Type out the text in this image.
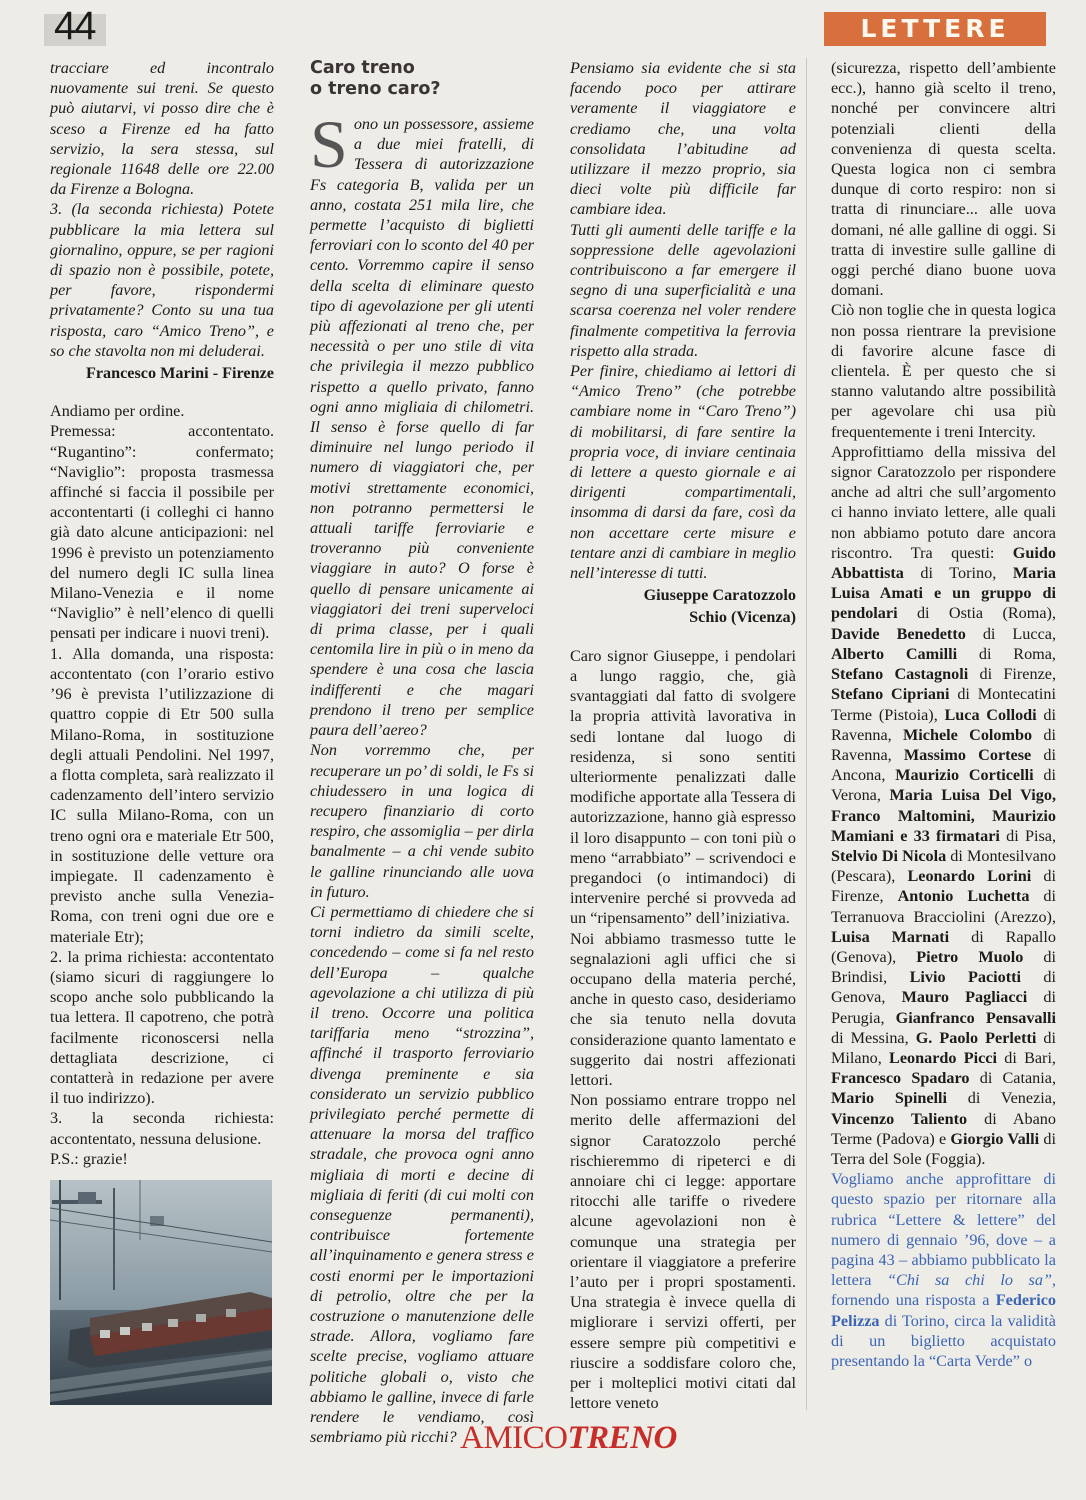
44	LETTERE

tracciare ed incontralo nuovamente sui treni. Se questo può aiutarvi, vi posso dire che è sceso a Firenze ed ha fatto servizio, la sera stessa, sul regionale 11648 delle ore 22.00 da Firenze a Bologna.

3. (la seconda richiesta) Potete pubblicare la mia lettera sul giornalino, oppure, se per ragioni di spazio non è possibile, potete, per favore, rispondermi privatamente? Conto su una tua risposta, caro “Amico Treno”, e so che stavolta non mi deluderai.

Francesco Marini - Firenze

Andiamo per ordine.

Premessa: accontentato. “Rugantino”: confermato; “Naviglio”: proposta trasmessa affinché si faccia il possibile per accontentarti (i colleghi ci hanno già dato alcune anticipazioni: nel 1996 è previsto un potenziamento del numero degli IC sulla linea Milano-Venezia e il nome “Naviglio” è nell’elenco di quelli pensati per indicare i nuovi treni).

1. Alla domanda, una risposta: accontentato (con l’orario estivo ’96 è prevista l’utilizzazione di quattro coppie di Etr 500 sulla Milano-Roma, in sostituzione degli attuali Pendolini. Nel 1997, a flotta completa, sarà realizzato il cadenzamento dell’intero servizio IC sulla Milano-Roma, con un treno ogni ora e materiale Etr 500, in sostituzione delle vetture ora impiegate. Il cadenzamento è previsto anche sulla Venezia-Roma, con treni ogni due ore e materiale Etr);

2. la prima richiesta: accontentato (siamo sicuri di raggiungere lo scopo anche solo pubblicando la tua lettera. Il capotreno, che potrà facilmente riconoscersi nella dettagliata descrizione, ci contatterà in redazione per avere il tuo indirizzo).

3. la seconda richiesta: accontentato, nessuna delusione.

P.S.: grazie!

Caro treno
o treno caro?

Sono un possessore, assieme a due miei fratelli, di Tessera di autorizzazione Fs categoria B, valida per un anno, costata 251 mila lire, che permette l’acquisto di biglietti ferroviari con lo sconto del 40 per cento. Vorremmo capire il senso della scelta di eliminare questo tipo di agevolazione per gli utenti più affezionati al treno che, per necessità o per uno stile di vita che privilegia il mezzo pubblico rispetto a quello privato, fanno ogni anno migliaia di chilometri. Il senso è forse quello di far diminuire nel lungo periodo il numero di viaggiatori che, per motivi strettamente economici, non potranno permettersi le attuali tariffe ferroviarie e troveranno più conveniente viaggiare in auto? O forse è quello di pensare unicamente ai viaggiatori dei treni superveloci di prima classe, per i quali centomila lire in più o in meno da spendere è una cosa che lascia indifferenti e che magari prendono il treno per semplice paura dell’aereo?

Non vorremmo che, per recuperare un po’ di soldi, le Fs si chiudessero in una logica di recupero finanziario di corto respiro, che assomiglia – per dirla banalmente – a chi vende subito le galline rinunciando alle uova in futuro.

Ci permettiamo di chiedere che si torni indietro da simili scelte, concedendo – come si fa nel resto dell’Europa – qualche agevolazione a chi utilizza di più il treno. Occorre una politica tariffaria meno “strozzina”, affinché il trasporto ferroviario divenga preminente e sia considerato un servizio pubblico privilegiato perché permette di attenuare la morsa del traffico stradale, che provoca ogni anno migliaia di morti e decine di migliaia di feriti (di cui molti con conseguenze permanenti), contribuisce fortemente all’inquinamento e genera stress e costi enormi per le importazioni di petrolio, oltre che per la costruzione o manutenzione delle strade. Allora, vogliamo fare scelte precise, vogliamo attuare politiche globali o, visto che abbiamo le galline, invece di farle rendere le vendiamo, così sembriamo più ricchi?

Pensiamo sia evidente che si sta facendo poco per attirare veramente il viaggiatore e crediamo che, una volta consolidata l’abitudine ad utilizzare il mezzo proprio, sia dieci volte più difficile far cambiare idea.

Tutti gli aumenti delle tariffe e la soppressione delle agevolazioni contribuiscono a far emergere il segno di una superficialità e una scarsa coerenza nel voler rendere finalmente competitiva la ferrovia rispetto alla strada.

Per finire, chiediamo ai lettori di “Amico Treno” (che potrebbe cambiare nome in “Caro Treno”) di mobilitarsi, di fare sentire la propria voce, di inviare centinaia di lettere a questo giornale e ai dirigenti compartimentali, insomma di darsi da fare, così da non accettare certe misure e tentare anzi di cambiare in meglio nell’interesse di tutti.

Giuseppe Caratozzolo

Schio (Vicenza)

Caro signor Giuseppe, i pendolari a lungo raggio, che, già svantaggiati dal fatto di svolgere la propria attività lavorativa in sedi lontane dal luogo di residenza, si sono sentiti ulteriormente penalizzati dalle modifiche apportate alla Tessera di autorizzazione, hanno già espresso il loro disappunto – con toni più o meno “arrabbiato” – scrivendoci e pregandoci (o intimandoci) di intervenire perché si provveda ad un “ripensamento” dell’iniziativa.

Noi abbiamo trasmesso tutte le segnalazioni agli uffici che si occupano della materia perché, anche in questo caso, desideriamo che sia tenuto nella dovuta considerazione quanto lamentato e suggerito dai nostri affezionati lettori.

Non possiamo entrare troppo nel merito delle affermazioni del signor Caratozzolo perché rischieremmo di ripeterci e di annoiare chi ci legge: apportare ritocchi alle tariffe o rivedere alcune agevolazioni non è comunque una strategia per orientare il viaggiatore a preferire l’auto per i propri spostamenti. Una strategia è invece quella di migliorare i servizi offerti, per essere sempre più competitivi e riuscire a soddisfare coloro che, per i molteplici motivi citati dal lettore veneto

(sicurezza, rispetto dell’ambiente ecc.), hanno già scelto il treno, nonché per convincere altri potenziali clienti della convenienza di questa scelta. Questa logica non ci sembra dunque di corto respiro: non si tratta di rinunciare... alle uova domani, né alle galline di oggi. Si tratta di investire sulle galline di oggi perché diano buone uova domani.

Ciò non toglie che in questa logica non possa rientrare la previsione di favorire alcune fasce di clientela. È per questo che si stanno valutando altre possibilità per agevolare chi usa più frequentemente i treni Intercity.

Approfittiamo della missiva del signor Caratozzolo per rispondere anche ad altri che sull’argomento ci hanno inviato lettere, alle quali non abbiamo potuto dare ancora riscontro. Tra questi: Guido Abbattista di Torino, Maria Luisa Amati e un gruppo di pendolari di Ostia (Roma), Davide Benedetto di Lucca, Alberto Camilli di Roma, Stefano Castagnoli di Firenze, Stefano Cipriani di Montecatini Terme (Pistoia), Luca Collodi di Ravenna, Michele Colombo di Ravenna, Massimo Cortese di Ancona, Maurizio Corticelli di Verona, Maria Luisa Del Vigo, Franco Maltomini, Maurizio Mamiani e 33 firmatari di Pisa, Stelvio Di Nicola di Montesilvano (Pescara), Leonardo Lorini di Firenze, Antonio Luchetta di Terranuova Bracciolini (Arezzo), Luisa Marnati di Rapallo (Genova), Pietro Muolo di Brindisi, Livio Paciotti di Genova, Mauro Pagliacci di Perugia, Gianfranco Pensavalli di Messina, G. Paolo Perletti di Milano, Leonardo Picci di Bari, Francesco Spadaro di Catania, Mario Spinelli di Venezia, Vincenzo Taliento di Abano Terme (Padova) e Giorgio Valli di Terra del Sole (Foggia).

Vogliamo anche approfittare di questo spazio per ritornare alla rubrica “Lettere & lettere” del numero di gennaio ’96, dove – a pagina 43 – abbiamo pubblicato la lettera “Chi sa chi lo sa”, fornendo una risposta a Federico Pelizza di Torino, circa la validità di un biglietto acquistato presentando la “Carta Verde” o

AMICOTRENO
